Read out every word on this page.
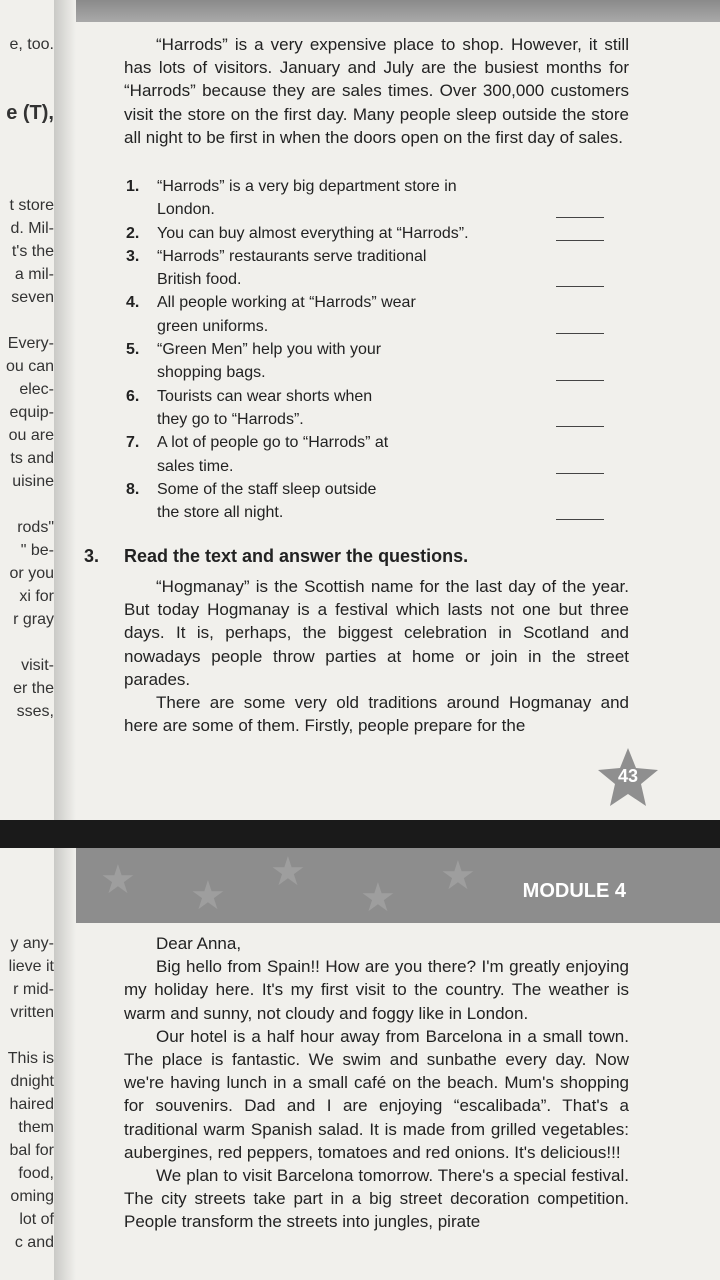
e, too.

e (T),

t store
d. Mil-
t's the
a mil-
seven

Every-
ou can
elec-
equip-
ou are
ts and
uisine

rods"
" be-
or you
xi for
r gray

visit-
er the
sses,

“Harrods” is a very expensive place to shop. However, it still has lots of visitors. January and July are the busiest months for “Harrods” because they are sales times. Over 300,000 customers visit the store on the first day. Many people sleep outside the store all night to be first in when the doors open on the first day of sales.

1.	“Harrods” is a very big department store in London.
2.	You can buy almost everything at “Harrods”.
3.	“Harrods” restaurants serve traditional British food.
4.	All people working at “Harrods” wear green uniforms.
5.	“Green Men” help you with your shopping bags.
6.	Tourists can wear shorts when they go to “Harrods”.
7.	A lot of people go to “Harrods” at sales time.
8.	Some of the staff sleep outside the store all night.
3. Read the text and answer the questions.

“Hogmanay” is the Scottish name for the last day of the year. But today Hogmanay is a festival which lasts not one but three days. It is, perhaps, the biggest celebration in Scotland and nowadays people throw parties at home or join in the street parades.

There are some very old traditions around Hogmanay and here are some of them. Firstly, people prepare for the

43
★ ★
★
★ ★ MODULE 4
y any-
lieve it
r mid-
vritten

This is
dnight
haired
them
bal for
food,
oming
lot of
c and
Dear Anna,

Big hello from Spain!! How are you there? I'm greatly enjoying my holiday here. It's my first visit to the country. The weather is warm and sunny, not cloudy and foggy like in London.

Our hotel is a half hour away from Barcelona in a small town. The place is fantastic. We swim and sunbathe every day. Now we're having lunch in a small café on the beach. Mum's shopping for souvenirs. Dad and I are enjoying “escalibada”. That's a traditional warm Spanish salad. It is made from grilled vegetables: aubergines, red peppers, tomatoes and red onions. It's delicious!!!

We plan to visit Barcelona tomorrow. There's a special festival. The city streets take part in a big street decoration competition. People transform the streets into jungles, pirate
